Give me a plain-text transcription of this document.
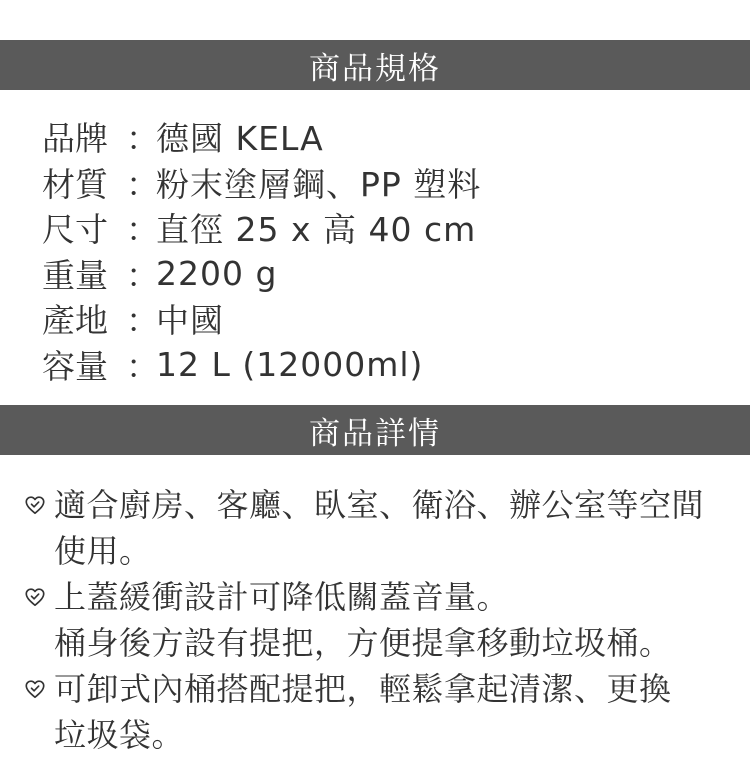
商品規格
品牌 ：
德國 KELA
材質 ：
粉末塗層鋼、PP 塑料
尺寸 ：
直徑 25 x 高 40 cm
重量 ：
2200 g
產地 ：
中國
容量 ：
12 L (12000ml)
商品詳情
適合廚房、客廳、臥室、衛浴、辦公室等空間
使用。
上蓋緩衝設計可降低關蓋音量。
桶身後方設有提把，方便提拿移動垃圾桶。
可卸式內桶搭配提把，輕鬆拿起清潔、更換
垃圾袋。
